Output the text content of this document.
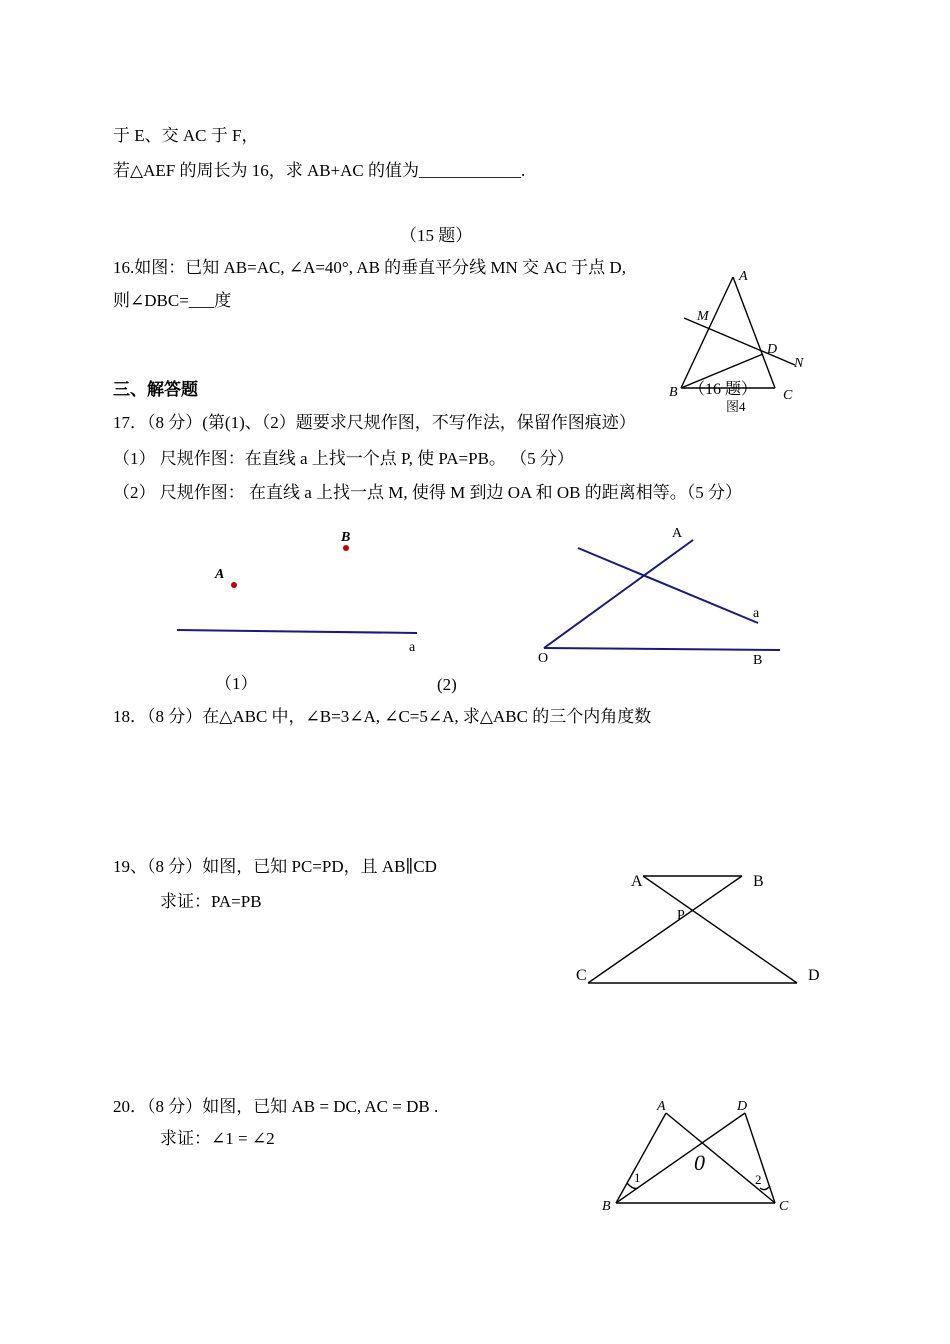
于 E、交 AC 于 F，
若△AEF 的周长为 16，求 AB+AC 的值为____________.
（15 题）
16.如图：已知 AB=AC, ∠A=40°, AB 的垂直平分线 MN 交 AC 于点 D,
则∠DBC=___度
A
M
D
N
B	C
（16 题）
图4
三、解答题
17．（8 分）(第(1)、（2）题要求尺规作图，不写作法，保留作图痕迹）
（1） 尺规作图：在直线 a 上找一个点 P, 使 PA=PB。 （5 分）
（2） 尺规作图： 在直线 a 上找一点 M, 使得 M 到边 OA 和 OB 的距离相等。（5 分）
B
A
a
A
a
O	B
（1）	(2)
18．（8 分）在△ABC 中，∠B=3∠A, ∠C=5∠A, 求△ABC 的三个内角度数
19、（8 分）如图，已知 PC=PD，且 AB∥CD
求证：PA=PB
A	B
P
C	D
20．（8 分）如图，已知 AB = DC, AC = DB .
求证：∠1 = ∠2
A	D
0
B	C
1	2
